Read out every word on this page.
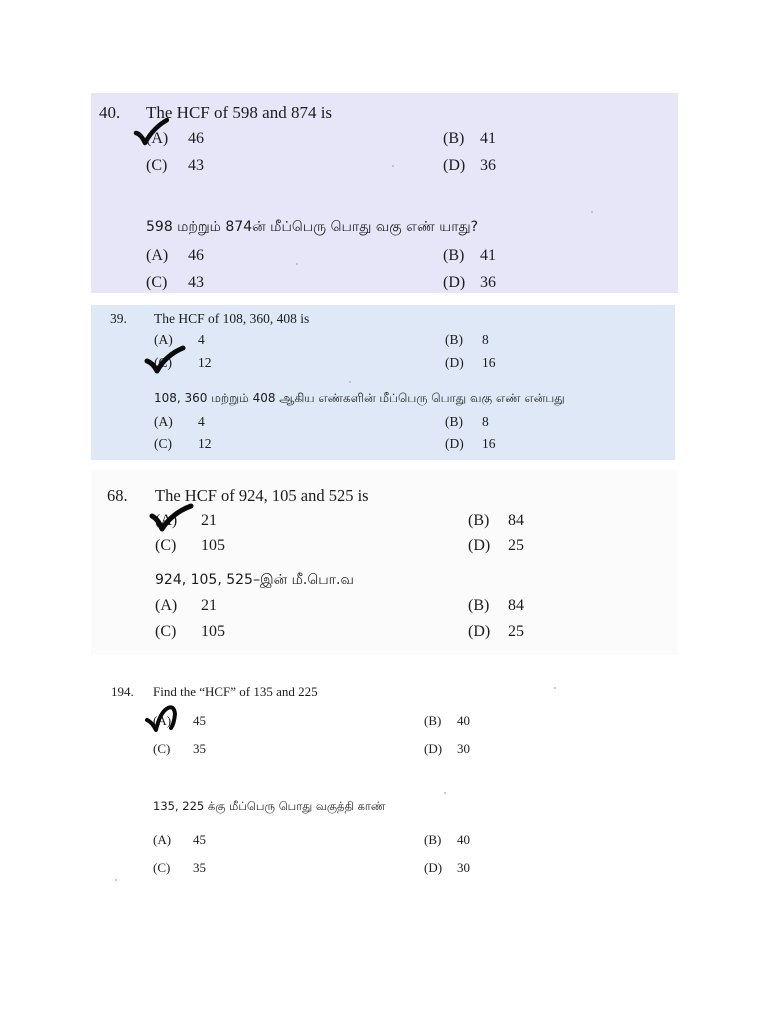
40. The HCF of 598 and 874 is
(A) 46	(B) 41
(C) 43	(D) 36
598 மற்றும் 874ன் மீப்பெரு பொது வகு எண் யாது?
(A) 46	(B) 41
(C) 43	(D) 36
39. The HCF of 108, 360, 408 is
(A) 4	(B) 8
(C) 12	(D) 16
108, 360 மற்றும் 408 ஆகிய எண்களின் மீப்பெரு பொது வகு எண் என்பது
(A) 4	(B) 8
(C) 12	(D) 16
68. The HCF of 924, 105 and 525 is
(A) 21	(B) 84
(C) 105	(D) 25
924, 105, 525–இன் மீ.பொ.வ
(A) 21	(B) 84
(C) 105	(D) 25
194. Find the “HCF” of 135 and 225
(A) 45	(B) 40
(C) 35	(D) 30
135, 225 க்கு மீப்பெரு பொது வகுத்தி காண்
(A) 45	(B) 40
(C) 35	(D) 30
